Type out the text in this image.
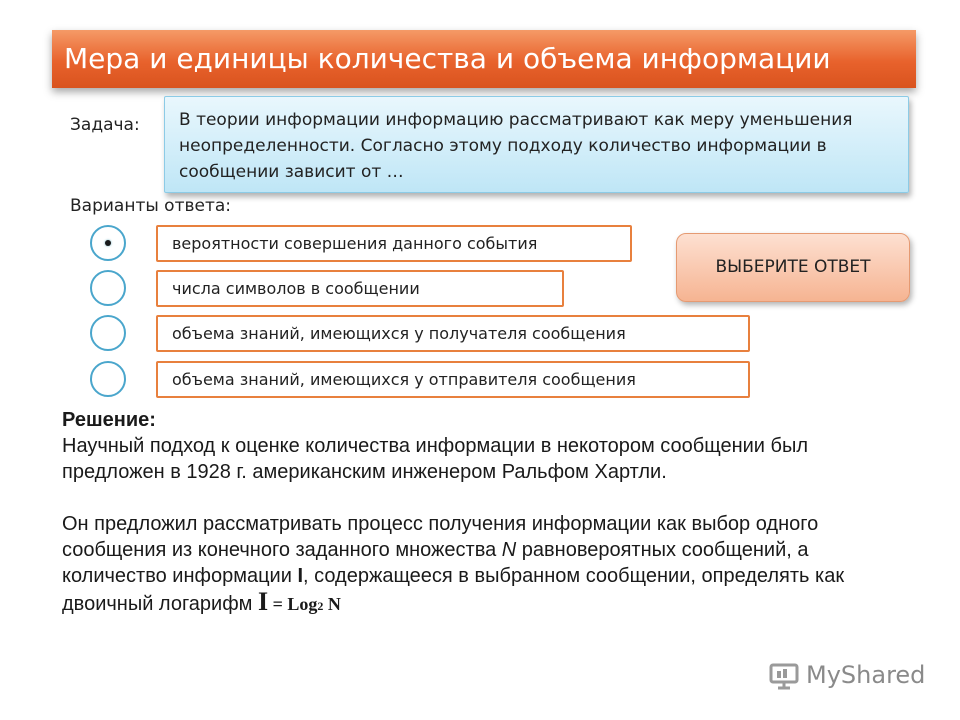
Мера и единицы количества и объема информации
Задача:	В теории информации информацию рассматривают как меру уменьшения неопределенности. Согласно этому подходу количество информации в сообщении зависит от …
Варианты ответа:
вероятности совершения данного события
числа символов в сообщении
объема знаний, имеющихся у получателя сообщения
объема знаний, имеющихся у отправителя сообщения
ВЫБЕРИТЕ ОТВЕТ

Решение:

Научный подход к оценке количества информации в некотором сообщении был предложен в 1928 г. американским инженером Ральфом Хартли.

Он предложил рассматривать процесс получения информации как выбор одного сообщения из конечного заданного множества N равновероятных сообщений, а количество информации I, содержащееся в выбранном сообщении, определять как двоичный логарифм I = Log2 N

MyShared
